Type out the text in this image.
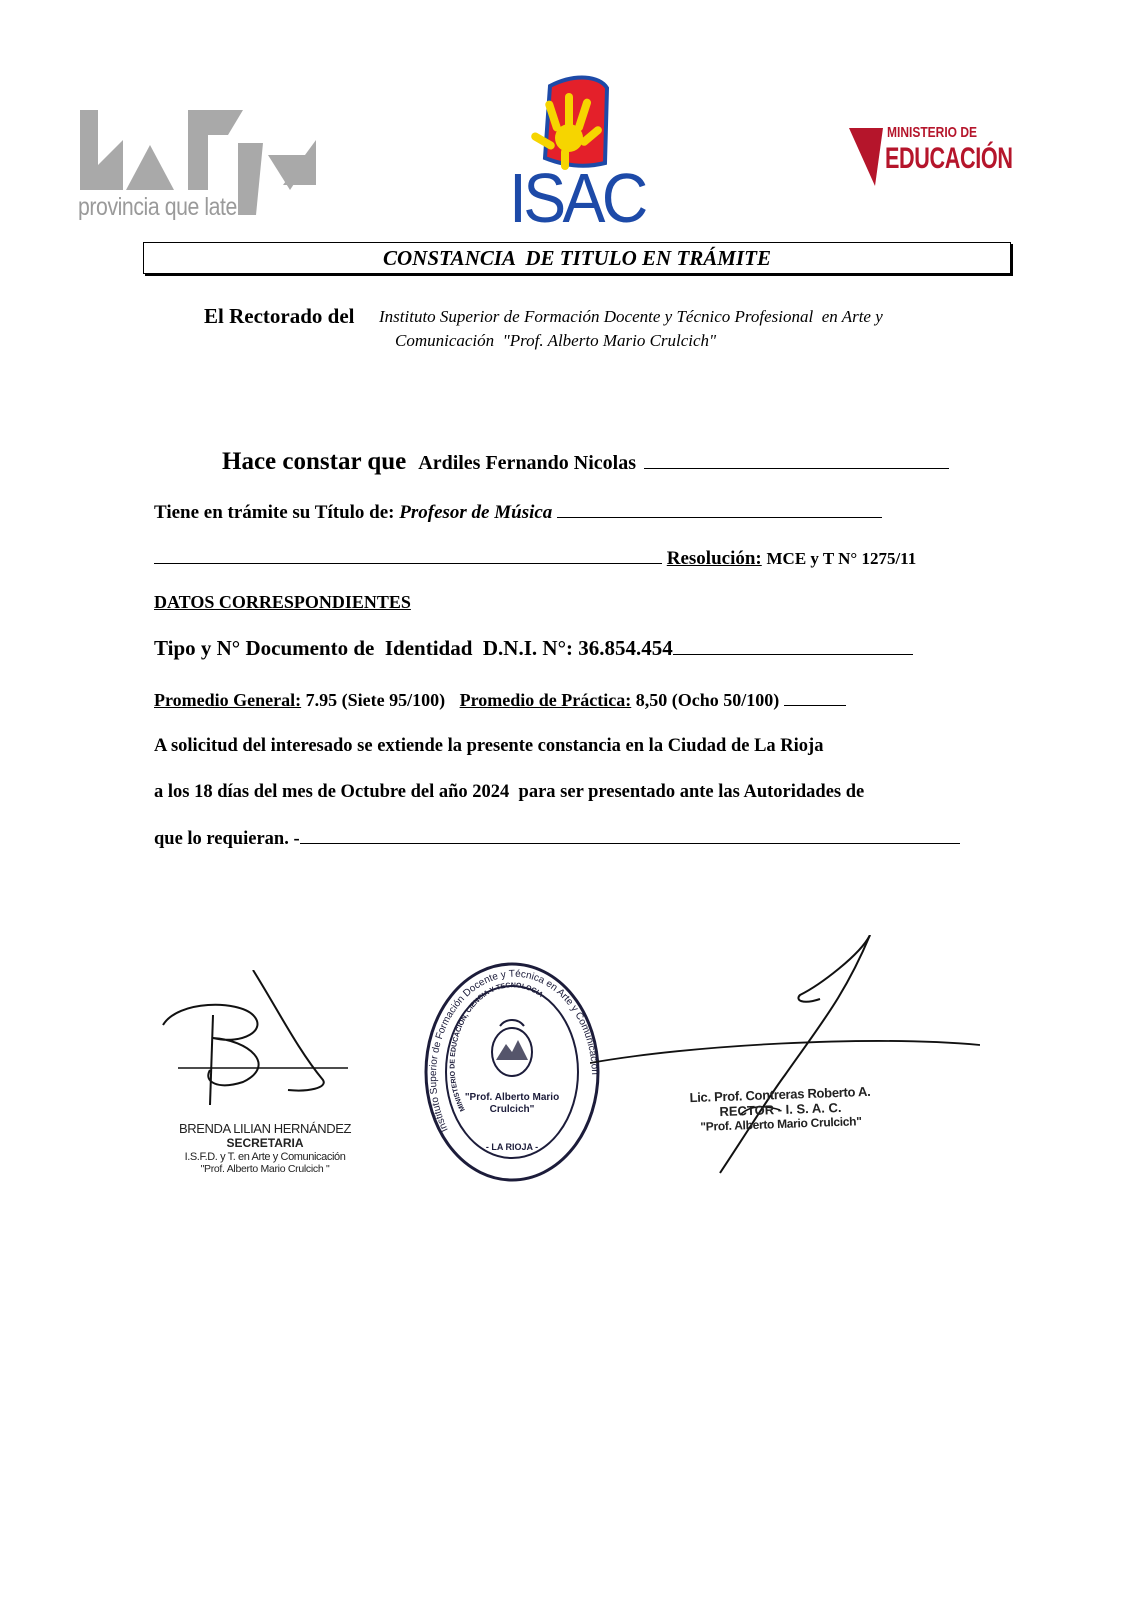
provincia que late	ISAC
MINISTERIO DE
EDUCACIÓN
CONSTANCIA  DE TITULO EN TRÁMITE
El Rectorado del Instituto Superior de Formación Docente y Técnico Profesional  en Arte y
Comunicación  "Prof. Alberto Mario Crulcich"
Hace constar que Ardiles Fernando Nicolas
Tiene en trámite su Título de: Profesor de Música
Resolución: MCE y T N° 1275/11
DATOS CORRESPONDIENTES
Tipo y N° Documento de  Identidad  D.N.I. N°: 36.854.454
Promedio General: 7.95 (Siete 95/100) Promedio de Práctica: 8,50 (Ocho 50/100)
A solicitud del interesado se extiende la presente constancia en la Ciudad de La Rioja
a los 18 días del mes de Octubre del año 2024  para ser presentado ante las Autoridades de
que lo requieran. -
BRENDA LILIAN HERNÁNDEZ
SECRETARIA
I.S.F.D. y T. en Arte y Comunicación
"Prof. Alberto Mario Crulcich "
Instituto Superior de Formación Docente y Técnica en Arte y Comunicación
MINISTERIO DE EDUCACION, CIENCIA Y TECNOLOGIA
"Prof. Alberto Mario
Crulcich"
- LA RIOJA -
Lic. Prof. Contreras Roberto A.
RECTOR - I. S. A. C.
"Prof. Alberto Mario Crulcich"
